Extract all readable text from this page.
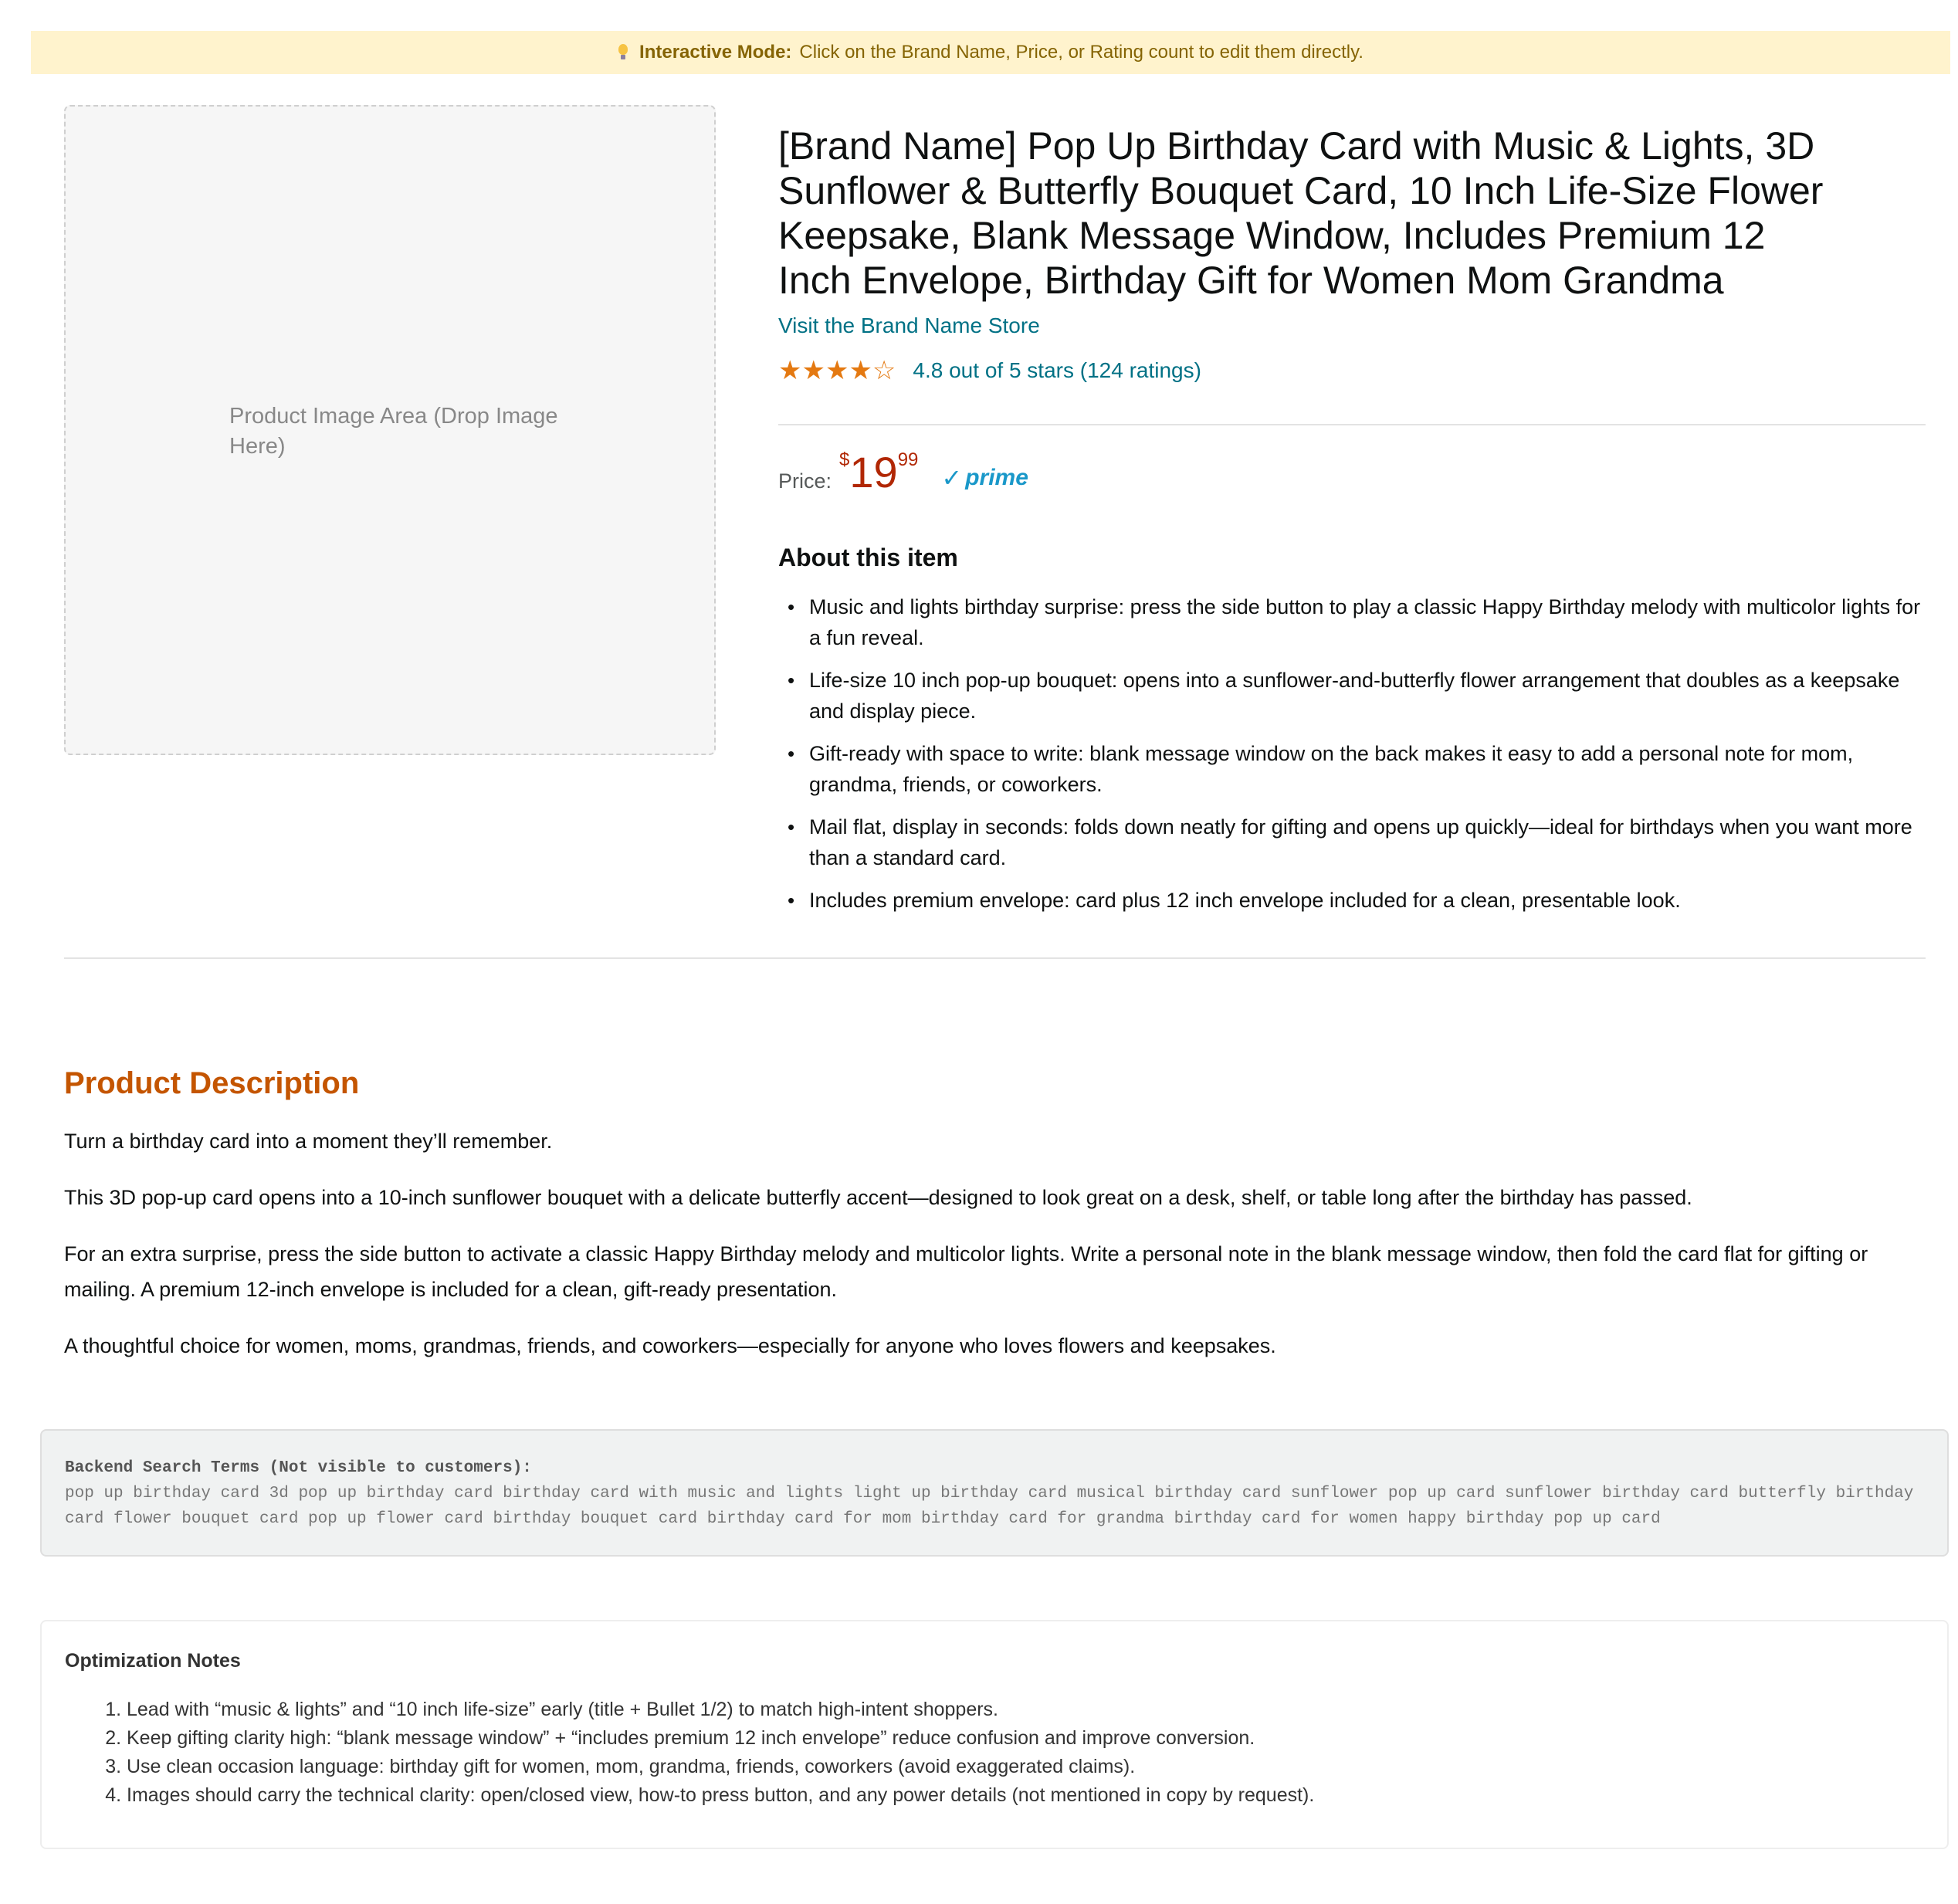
Interactive Mode: Click on the Brand Name, Price, or Rating count to edit them directly.
Product Image Area (Drop Image Here)
[Brand Name] Pop Up Birthday Card with Music & Lights, 3D Sunflower & Butterfly Bouquet Card, 10 Inch Life-Size Flower Keepsake, Blank Message Window, Includes Premium 12 Inch Envelope, Birthday Gift for Women Mom Grandma
Visit the Brand Name Store
★★★★☆ 4.8 out of 5 stars (124 ratings)
Price:
$ 19 99
✓ prime
About this item
• Music and lights birthday surprise: press the side button to play a classic Happy Birthday melody with multicolor lights for a fun reveal.
• Life-size 10 inch pop-up bouquet: opens into a sunflower-and-butterfly flower arrangement that doubles as a keepsake and display piece.
• Gift-ready with space to write: blank message window on the back makes it easy to add a personal note for mom, grandma, friends, or coworkers.
• Mail flat, display in seconds: folds down neatly for gifting and opens up quickly—ideal for birthdays when you want more than a standard card.
• Includes premium envelope: card plus 12 inch envelope included for a clean, presentable look.
Product Description

Turn a birthday card into a moment they’ll remember.

This 3D pop-up card opens into a 10-inch sunflower bouquet with a delicate butterfly accent—designed to look great on a desk, shelf, or table long after the birthday has passed.

For an extra surprise, press the side button to activate a classic Happy Birthday melody and multicolor lights. Write a personal note in the blank message window, then fold the card flat for gifting or mailing. A premium 12-inch envelope is included for a clean, gift-ready presentation.

A thoughtful choice for women, moms, grandmas, friends, and coworkers—especially for anyone who loves flowers and keepsakes.

Backend Search Terms (Not visible to customers):
pop up birthday card 3d pop up birthday card birthday card with music and lights light up birthday card musical birthday card sunflower pop up card sunflower birthday card butterfly birthday card flower bouquet card pop up flower card birthday bouquet card birthday card for mom birthday card for grandma birthday card for women happy birthday pop up card
Optimization Notes
1. Lead with “music & lights” and “10 inch life-size” early (title + Bullet 1/2) to match high-intent shoppers.
2. Keep gifting clarity high: “blank message window” + “includes premium 12 inch envelope” reduce confusion and improve conversion.
3. Use clean occasion language: birthday gift for women, mom, grandma, friends, coworkers (avoid exaggerated claims).
4. Images should carry the technical clarity: open/closed view, how-to press button, and any power details (not mentioned in copy by request).
